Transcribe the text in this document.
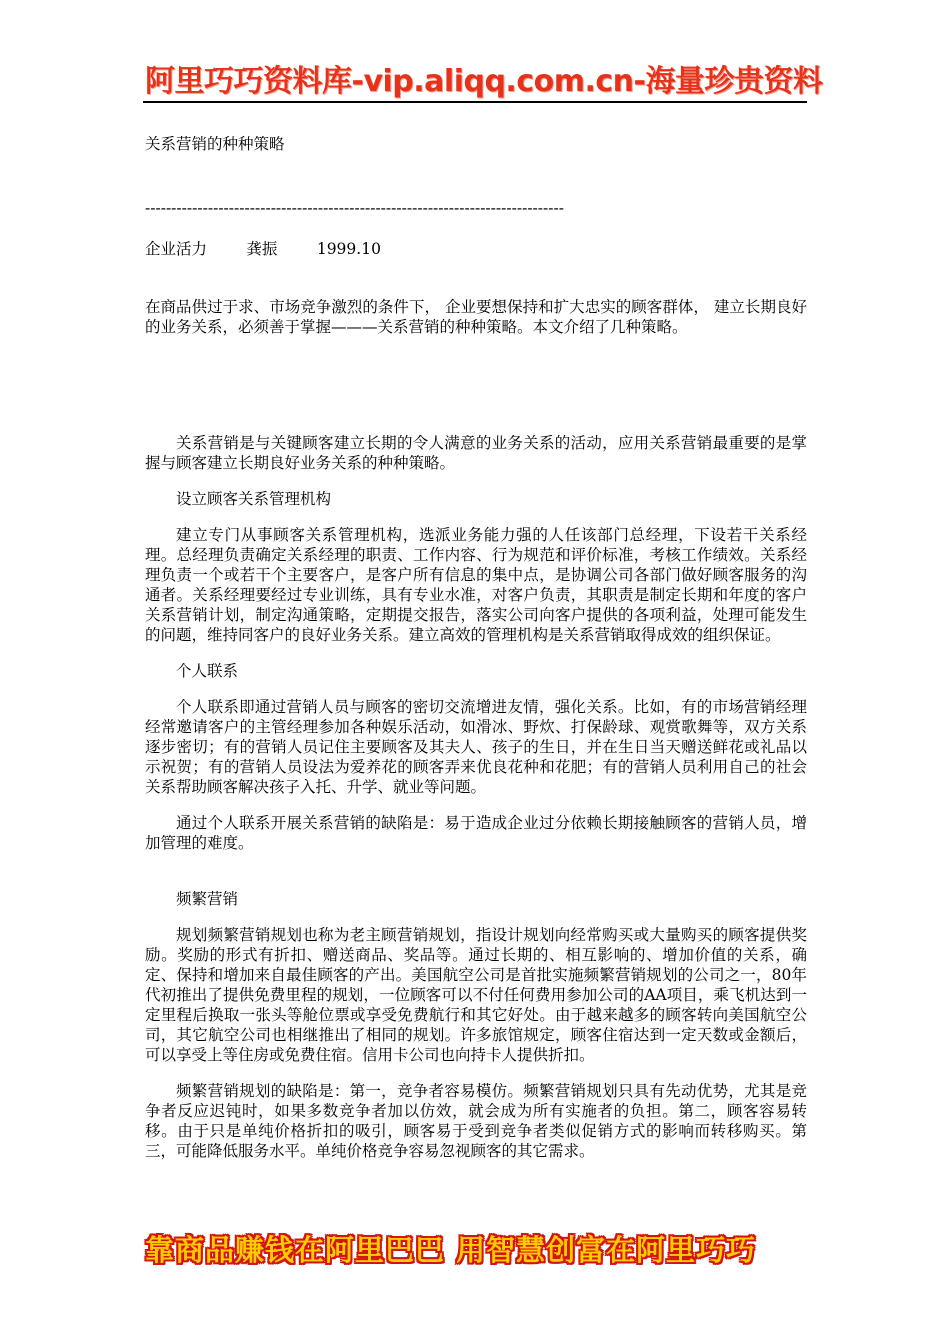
阿里巧巧资料库-vip.aliqq.com.cn-海量珍贵资料

关系营销的种种策略

--------------------------------------------------------------------------------

企业活力        龚振        1999.10

在商品供过于求、市场竞争激烈的条件下， 企业要想保持和扩大忠实的顾客群体， 建立长期良好的业务关系，必须善于掌握———关系营销的种种策略。本文介绍了几种策略。

关系营销是与关键顾客建立长期的令人满意的业务关系的活动，应用关系营销最重要的是掌握与顾客建立长期良好业务关系的种种策略。

设立顾客关系管理机构

建立专门从事顾客关系管理机构，选派业务能力强的人任该部门总经理，下设若干关系经理。总经理负责确定关系经理的职责、工作内容、行为规范和评价标准，考核工作绩效。关系经理负责一个或若干个主要客户，是客户所有信息的集中点，是协调公司各部门做好顾客服务的沟通者。关系经理要经过专业训练，具有专业水准，对客户负责，其职责是制定长期和年度的客户关系营销计划，制定沟通策略，定期提交报告，落实公司向客户提供的各项利益，处理可能发生的问题，维持同客户的良好业务关系。建立高效的管理机构是关系营销取得成效的组织保证。

个人联系

个人联系即通过营销人员与顾客的密切交流增进友情，强化关系。比如，有的市场营销经理经常邀请客户的主管经理参加各种娱乐活动，如滑冰、野炊、打保龄球、观赏歌舞等，双方关系逐步密切；有的营销人员记住主要顾客及其夫人、孩子的生日，并在生日当天赠送鲜花或礼品以示祝贺；有的营销人员设法为爱养花的顾客弄来优良花种和花肥；有的营销人员利用自己的社会关系帮助顾客解决孩子入托、升学、就业等问题。

通过个人联系开展关系营销的缺陷是：易于造成企业过分依赖长期接触顾客的营销人员，增加管理的难度。

频繁营销

规划频繁营销规划也称为老主顾营销规划，指设计规划向经常购买或大量购买的顾客提供奖励。奖励的形式有折扣、赠送商品、奖品等。通过长期的、相互影响的、增加价值的关系，确定、保持和增加来自最佳顾客的产出。美国航空公司是首批实施频繁营销规划的公司之一，80年代初推出了提供免费里程的规划，一位顾客可以不付任何费用参加公司的AA项目，乘飞机达到一定里程后换取一张头等舱位票或享受免费航行和其它好处。由于越来越多的顾客转向美国航空公司，其它航空公司也相继推出了相同的规划。许多旅馆规定，顾客住宿达到一定天数或金额后，可以享受上等住房或免费住宿。信用卡公司也向持卡人提供折扣。

频繁营销规划的缺陷是：第一，竞争者容易模仿。频繁营销规划只具有先动优势，尤其是竞争者反应迟钝时，如果多数竞争者加以仿效，就会成为所有实施者的负担。第二，顾客容易转移。由于只是单纯价格折扣的吸引，顾客易于受到竞争者类似促销方式的影响而转移购买。第三，可能降低服务水平。单纯价格竞争容易忽视顾客的其它需求。

靠商品赚钱在阿里巴巴 用智慧创富在阿里巧巧
